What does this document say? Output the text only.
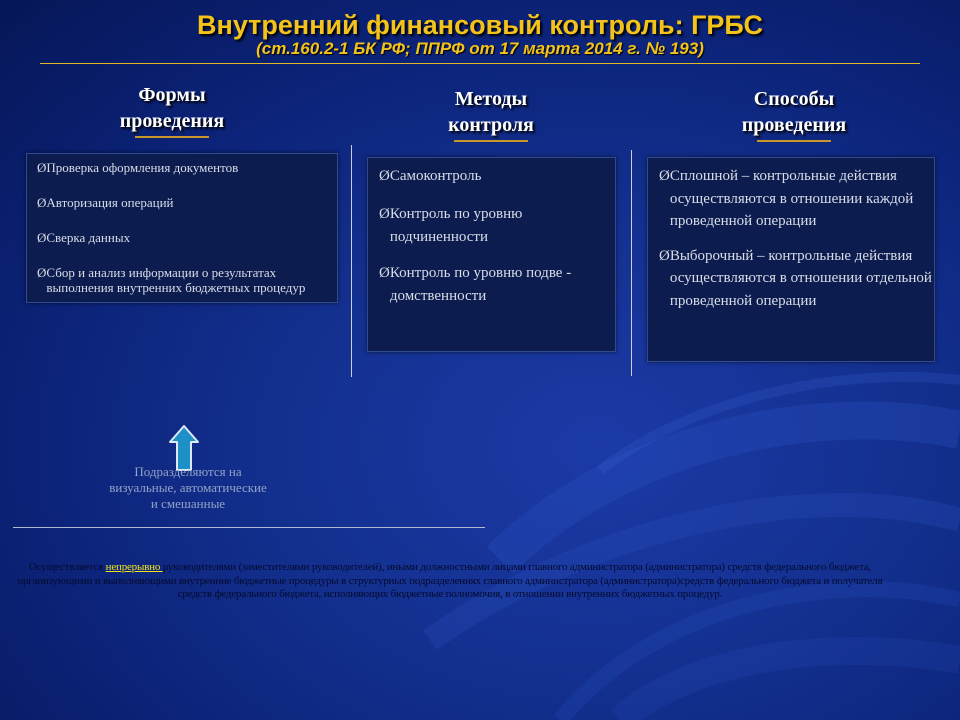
Внутренний финансовый контроль: ГРБС
(ст.160.2-1 БК РФ; ППРФ от 17 марта 2014 г. № 193)
Формы
проведения
Методы
контроля
Способы
проведения
Ø Проверка оформления документов
Ø Авторизация операций
Ø Сверка данных
Ø Сбор и анализ информации о результатах выполнения внутренних бюджетных процедур
Ø Самоконтроль
Ø Контроль по уровню подчиненности
Ø Контроль по уровню подве - домственности
Ø Сплошной – контрольные действия осуществляются в отношении каждой проведенной операции
Ø Выборочный – контрольные действия осуществляются в отношении отдельной проведенной операции
Подразделяются на визуальные, автоматические и смешанные
Осуществляется непрерывно руководителями (заместителями руководителей), иными должностными лицами главного администратора (администратора) средств федерального бюджета, организующими и выполняющими внутренние бюджетные процедуры в структурных подразделениях главного администратора (администратора)средств федерального бюджета и получателя средств федерального бюджета, исполняющих бюджетные полномочия, в отношении внутренних бюджетных процедур.
